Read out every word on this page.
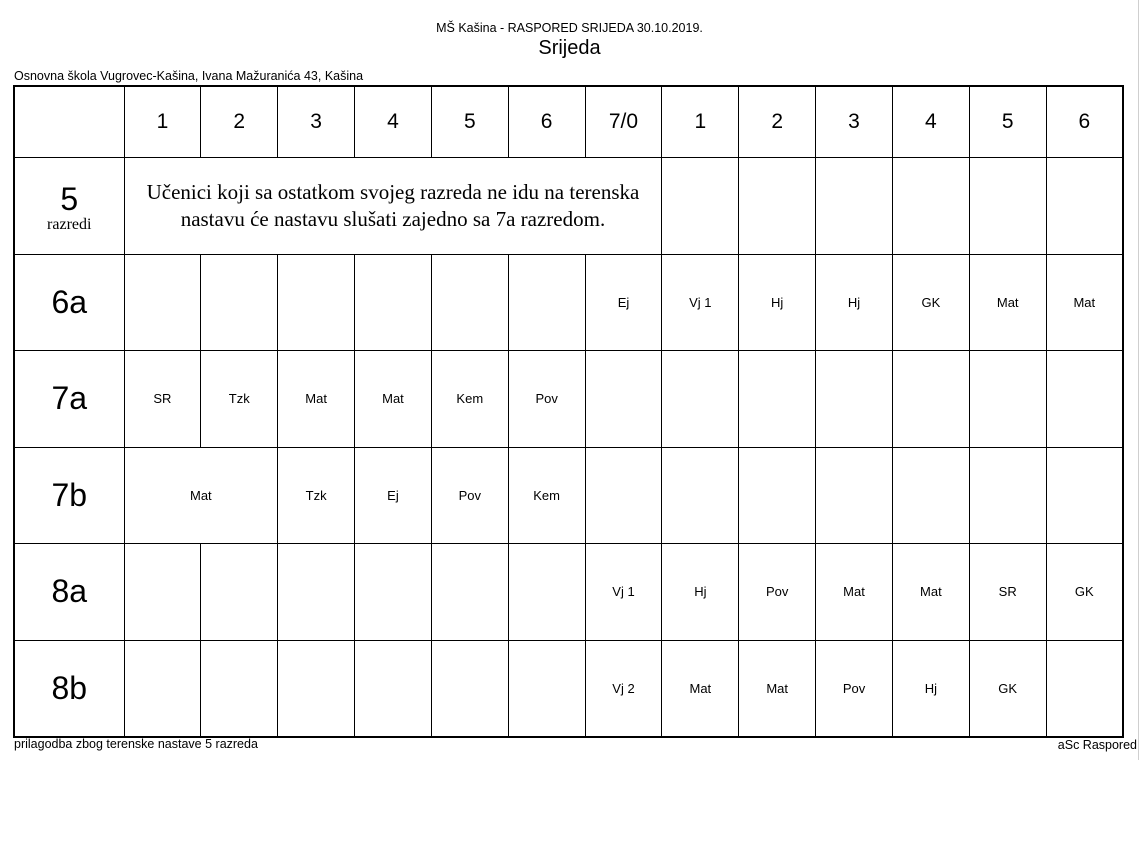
MŠ Kašina - RASPORED SRIJEDA 30.10.2019.
Srijeda
Osnovna škola Vugrovec-Kašina, Ivana Mažuranića 43, Kašina
	1	2	3	4	5	6	7/0	1	2	3	4	5	6

5
razredi	Učenici koji sa ostatkom svojeg razreda ne idu na terenska nastavu će nastavu slušati zajedno sa 7a razredom.												
6a							Ej	Vj 1	Hj	Hj	GK	Mat	Mat
7a	SR	Tzk	Mat	Mat	Kem	Pov							
7b	Mat		Tzk	Ej	Pov	Kem							
8a							Vj 1	Hj	Pov	Mat	Mat	SR	GK
8b							Vj 2	Mat	Mat	Pov	Hj	GK	
prilagodba zbog terenske nastave 5 razreda	aSc Raspored
